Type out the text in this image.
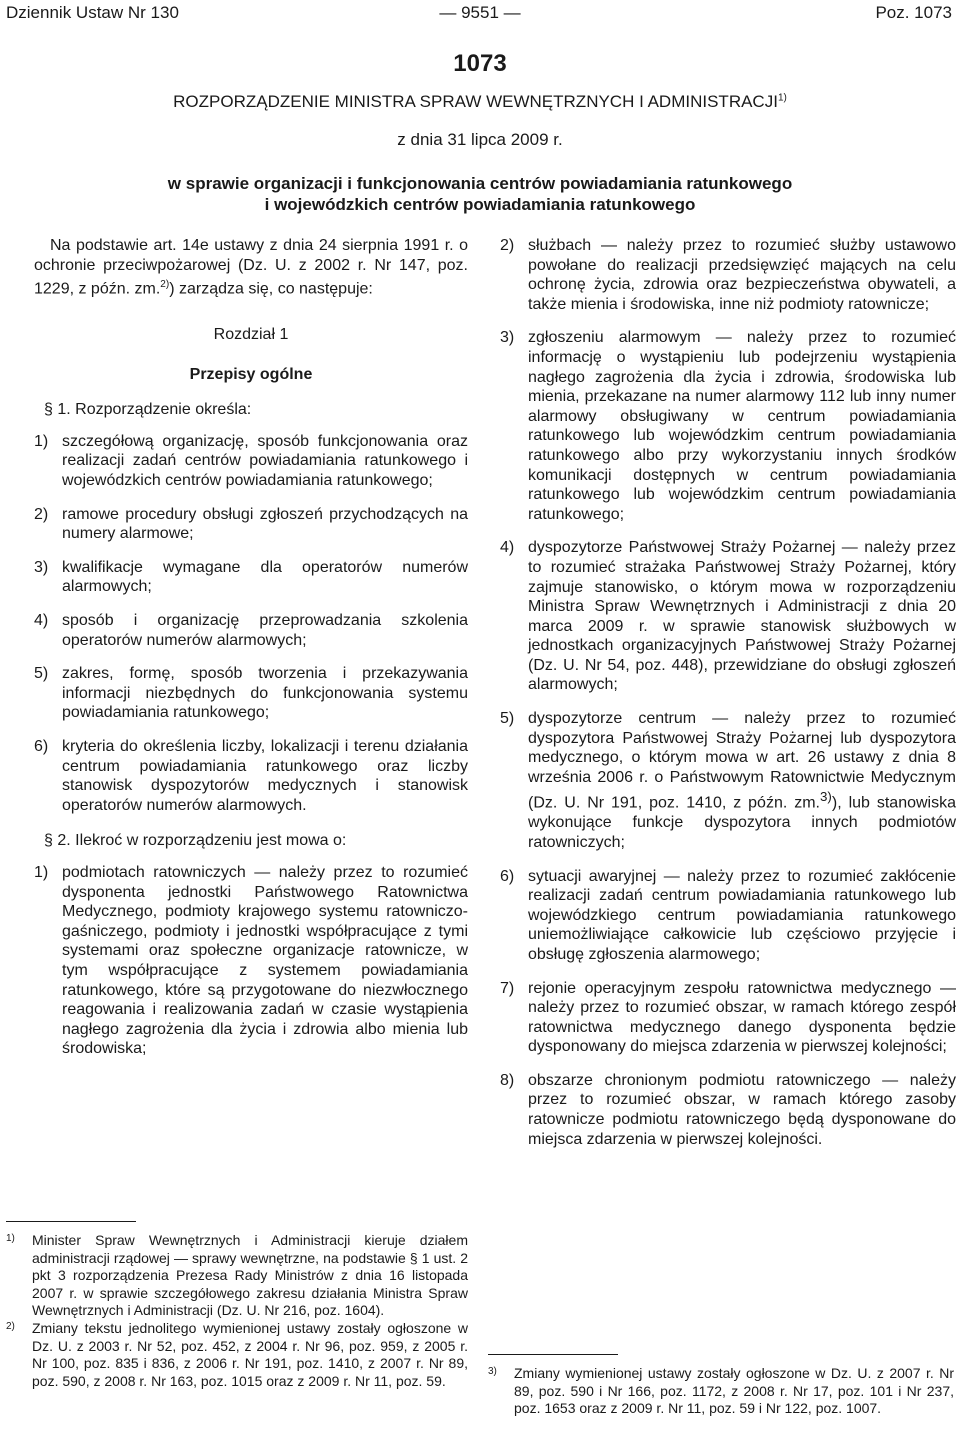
Dziennik Ustaw Nr 130	— 9551 —	Poz. 1073
1073
ROZPORZĄDZENIE MINISTRA SPRAW WEWNĘTRZNYCH I ADMINISTRACJI$^{1)}$
z dnia 31 lipca 2009 r.
w sprawie organizacji i funkcjonowania centrów powiadamiania ratunkowego
i wojewódzkich centrów powiadamiania ratunkowego

Na podstawie art. 14e ustawy z dnia 24 sierpnia 1991 r. o ochronie przeciwpożarowej (Dz. U. z 2002 r. Nr 147, poz. 1229, z późn. zm.$^{2)}$) zarządza się, co następuje:

Rozdział 1

Przepisy ogólne

§ 1. Rozporządzenie określa:

1) szczegółową organizację, sposób funkcjonowania oraz realizacji zadań centrów powiadamiania ratunkowego i wojewódzkich centrów powiadamiania ratunkowego;
2) ramowe procedury obsługi zgłoszeń przychodzących na numery alarmowe;
3) kwalifikacje wymagane dla operatorów numerów alarmowych;
4) sposób i organizację przeprowadzania szkolenia operatorów numerów alarmowych;
5) zakres, formę, sposób tworzenia i przekazywania informacji niezbędnych do funkcjonowania systemu powiadamiania ratunkowego;
6) kryteria do określenia liczby, lokalizacji i terenu działania centrum powiadamiania ratunkowego oraz liczby stanowisk dyspozytorów medycznych i stanowisk operatorów numerów alarmowych.

§ 2. Ilekroć w rozporządzeniu jest mowa o:

1) podmiotach ratowniczych — należy przez to rozumieć dysponenta jednostki Państwowego Ratownictwa Medycznego, podmioty krajowego systemu ratowniczo-gaśniczego, podmioty i jednostki współpracujące z tymi systemami oraz społeczne organizacje ratownicze, w tym współpracujące z systemem powiadamiania ratunkowego, które są przygotowane do niezwłocznego reagowania i realizowania zadań w czasie wystąpienia nagłego zagrożenia dla życia i zdrowia albo mienia lub środowiska;
2) służbach — należy przez to rozumieć służby ustawowo powołane do realizacji przedsięwzięć mających na celu ochronę życia, zdrowia oraz bezpieczeństwa obywateli, a także mienia i środowiska, inne niż podmioty ratownicze;
3) zgłoszeniu alarmowym — należy przez to rozumieć informację o wystąpieniu lub podejrzeniu wystąpienia nagłego zagrożenia dla życia i zdrowia, środowiska lub mienia, przekazane na numer alarmowy 112 lub inny numer alarmowy obsługiwany w centrum powiadamiania ratunkowego lub wojewódzkim centrum powiadamiania ratunkowego albo przy wykorzystaniu innych środków komunikacji dostępnych w centrum powiadamiania ratunkowego lub wojewódzkim centrum powiadamiania ratunkowego;
4) dyspozytorze Państwowej Straży Pożarnej — należy przez to rozumieć strażaka Państwowej Straży Pożarnej, który zajmuje stanowisko, o którym mowa w rozporządzeniu Ministra Spraw Wewnętrznych i Administracji z dnia 20 marca 2009 r. w sprawie stanowisk służbowych w jednostkach organizacyjnych Państwowej Straży Pożarnej (Dz. U. Nr 54, poz. 448), przewidziane do obsługi zgłoszeń alarmowych;
5) dyspozytorze centrum — należy przez to rozumieć dyspozytora Państwowej Straży Pożarnej lub dyspozytora medycznego, o którym mowa w art. 26 ustawy z dnia 8 września 2006 r. o Państwowym Ratownictwie Medycznym (Dz. U. Nr 191, poz. 1410, z późn. zm.$^{3)}$), lub stanowiska wykonujące funkcje dyspozytora innych podmiotów ratowniczych;
6) sytuacji awaryjnej — należy przez to rozumieć zakłócenie realizacji zadań centrum powiadamiania ratunkowego lub wojewódzkiego centrum powiadamiania ratunkowego uniemożliwiające całkowicie lub częściowo przyjęcie i obsługę zgłoszenia alarmowego;
7) rejonie operacyjnym zespołu ratownictwa medycznego — należy przez to rozumieć obszar, w ramach którego zespół ratownictwa medycznego danego dysponenta będzie dysponowany do miejsca zdarzenia w pierwszej kolejności;
8) obszarze chronionym podmiotu ratowniczego — należy przez to rozumieć obszar, w ramach którego zasoby ratownicze podmiotu ratowniczego będą dysponowane do miejsca zdarzenia w pierwszej kolejności.

1) Minister Spraw Wewnętrznych i Administracji kieruje działem administracji rządowej — sprawy wewnętrzne, na podstawie § 1 ust. 2 pkt 3 rozporządzenia Prezesa Rady Ministrów z dnia 16 listopada 2007 r. w sprawie szczegółowego zakresu działania Ministra Spraw Wewnętrznych i Administracji (Dz. U. Nr 216, poz. 1604).

2) Zmiany tekstu jednolitego wymienionej ustawy zostały ogłoszone w Dz. U. z 2003 r. Nr 52, poz. 452, z 2004 r. Nr 96, poz. 959, z 2005 r. Nr 100, poz. 835 i 836, z 2006 r. Nr 191, poz. 1410, z 2007 r. Nr 89, poz. 590, z 2008 r. Nr 163, poz. 1015 oraz z 2009 r. Nr 11, poz. 59.

3) Zmiany wymienionej ustawy zostały ogłoszone w Dz. U. z 2007 r. Nr 89, poz. 590 i Nr 166, poz. 1172, z 2008 r. Nr 17, poz. 101 i Nr 237, poz. 1653 oraz z 2009 r. Nr 11, poz. 59 i Nr 122, poz. 1007.
